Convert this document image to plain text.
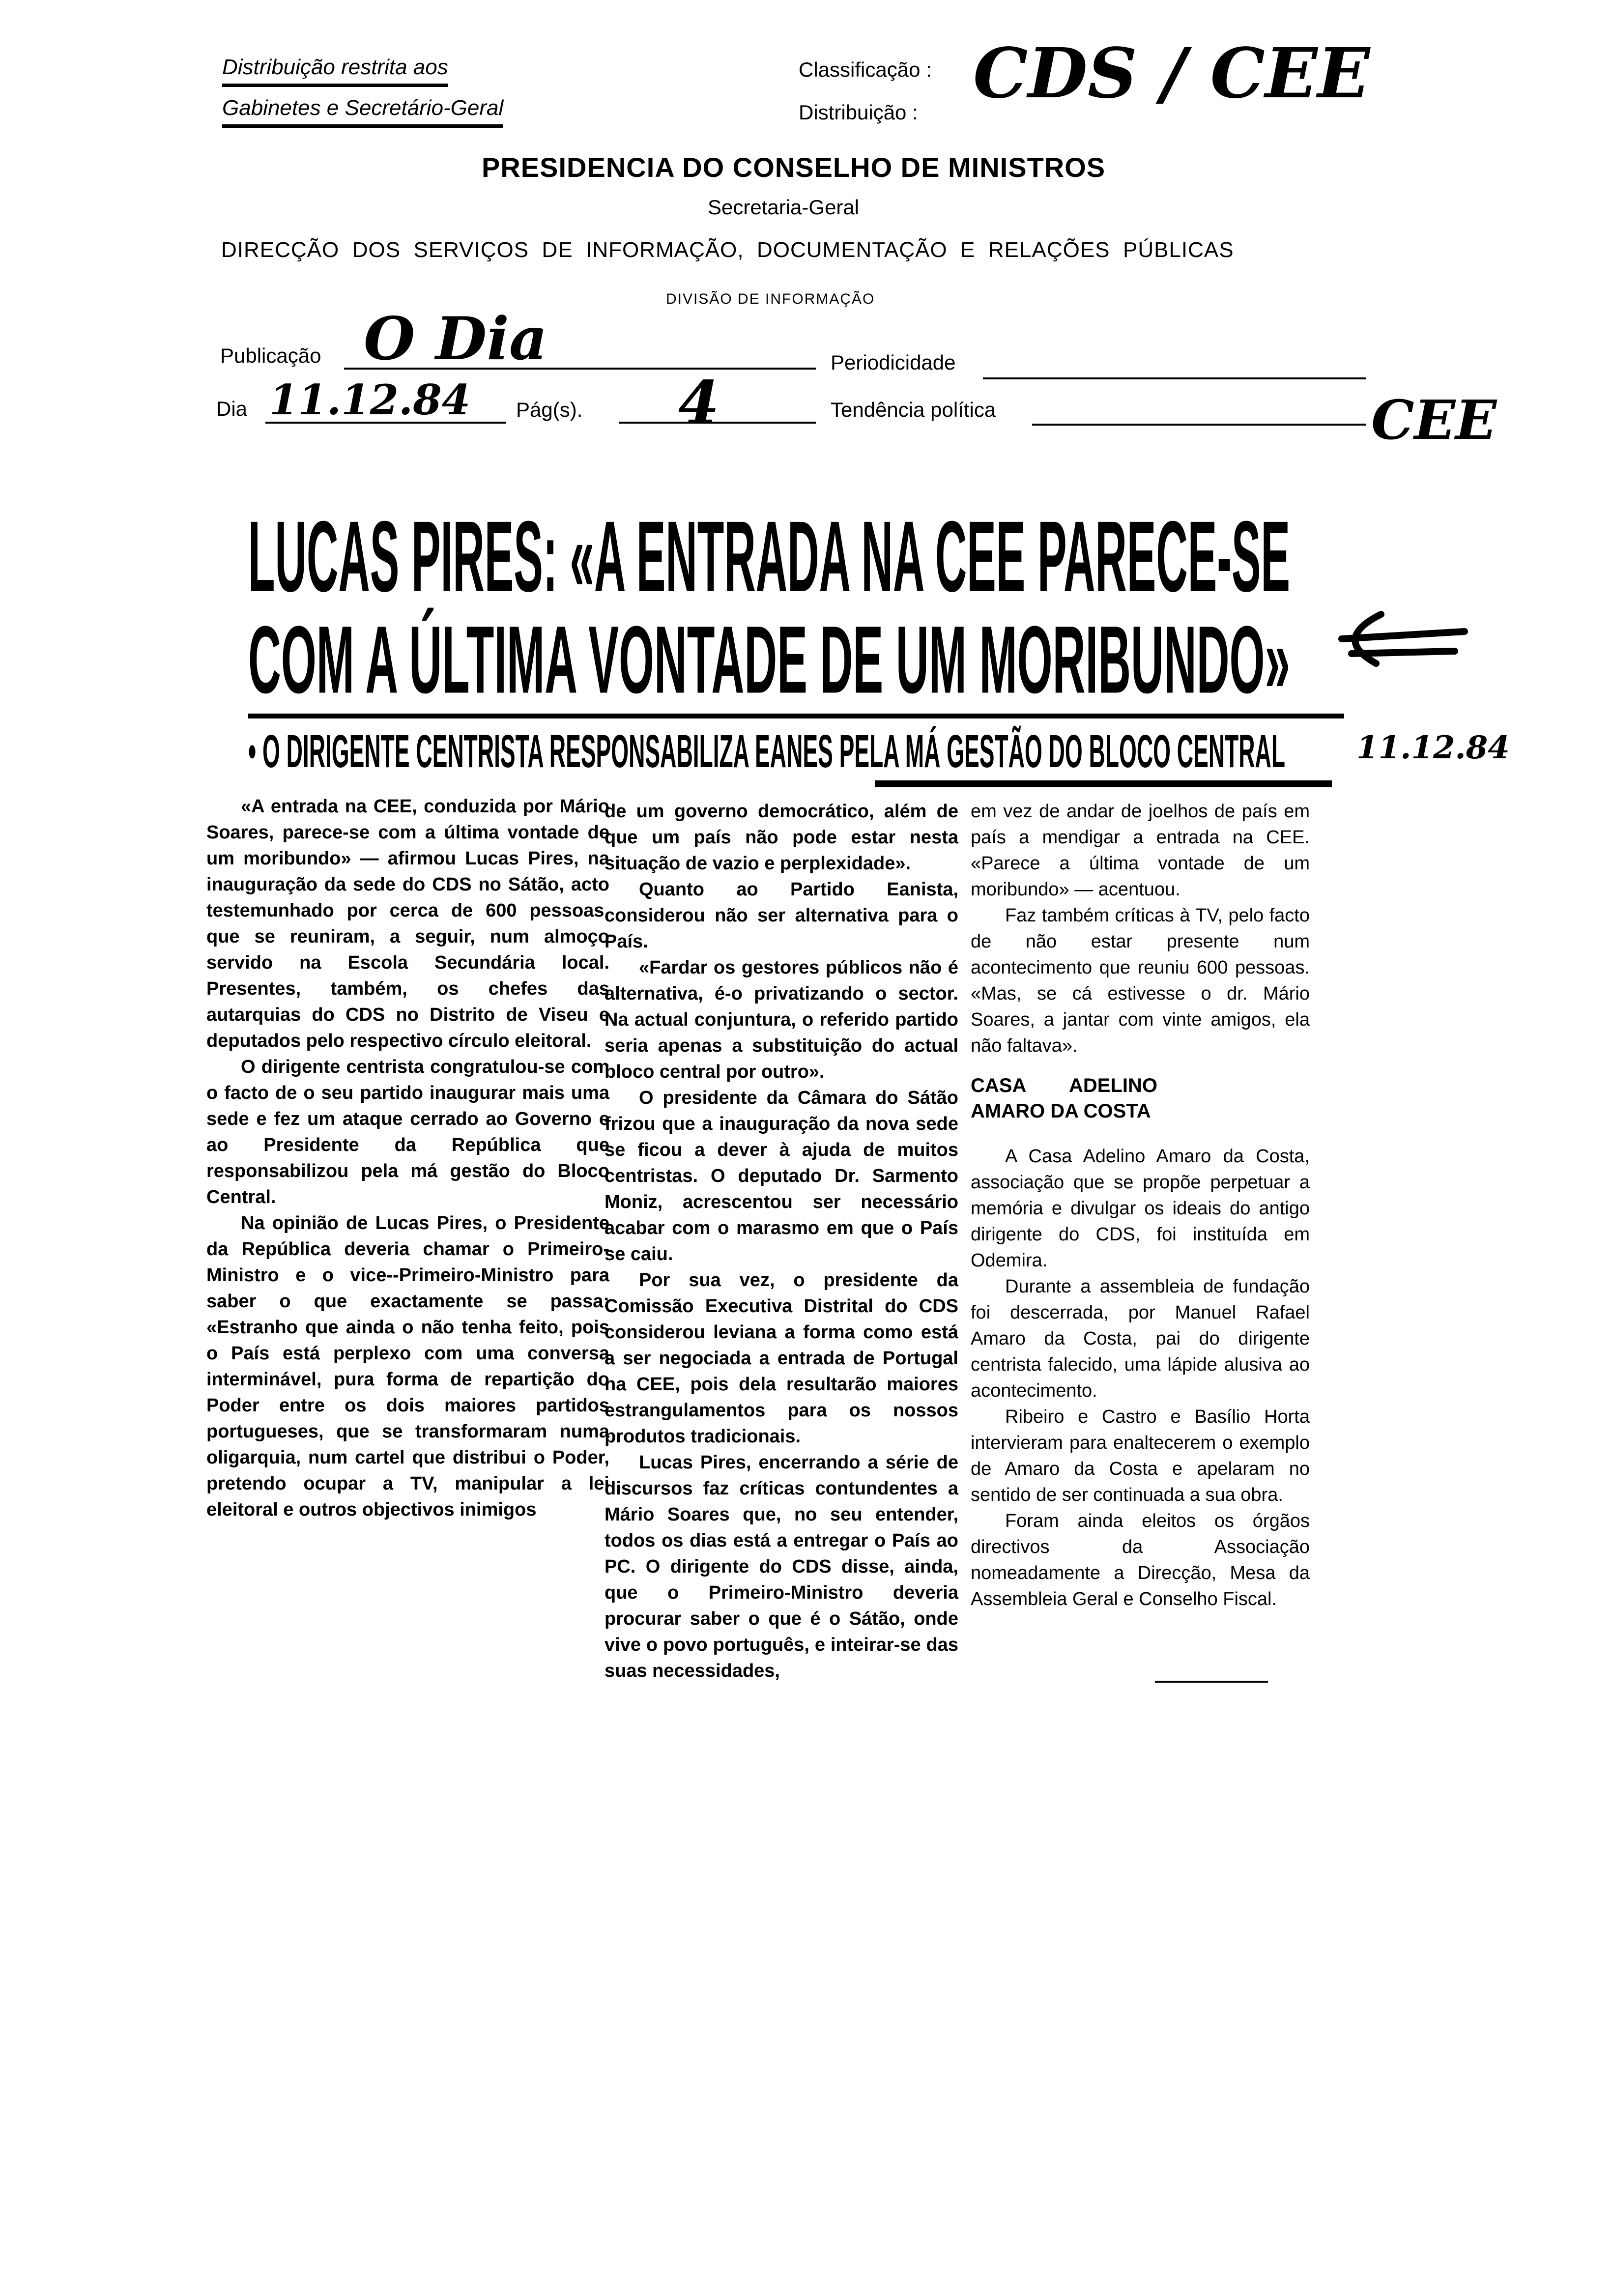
Distribuição restrita aos
Gabinetes e Secretário-Geral
Classificação :
Distribuição : CDS / CEE
PRESIDENCIA DO CONSELHO DE MINISTROS
Secretaria-Geral
DIRECÇÃO  DOS  SERVIÇOS  DE  INFORMAÇÃO,  DOCUMENTAÇÃO  E  RELAÇÕES  PÚBLICAS
DIVISÃO DE INFORMAÇÃO
Publicação O Dia	Periodicidade
Dia 11.12.84 Pág(s). 4	Tendência política	CEE
LUCAS PIRES: «A ENTRADA NA CEE PARECE-SE
COM A ÚLTIMA VONTADE DE UM MORIBUNDO»
• O DIRIGENTE CENTRISTA RESPONSABILIZA EANES PELA MÁ GESTÃO DO BLOCO CENTRAL	11.12.84

«A entrada na CEE, conduzida por Mário Soares, parece-se com a última vontade de um moribundo» — afirmou Lucas Pires, na inauguração da sede do CDS no Sátão, acto testemunhado por cerca de 600 pessoas, que se reuniram, a seguir, num almoço servido na Escola Secundária local. Presentes, também, os chefes das autarquias do CDS no Distrito de Viseu e deputados pelo respectivo círculo eleitoral.

O dirigente centrista congratulou-se com o facto de o seu partido inaugurar mais uma sede e fez um ataque cerrado ao Governo e ao Presidente da República que responsabilizou pela má gestão do Bloco Central.

Na opinião de Lucas Pires, o Presidente da República deveria chamar o Primeiro-Ministro e o vice--Primeiro-Ministro para saber o que exactamente se passa: «Estranho que ainda o não tenha feito, pois o País está perplexo com uma conversa interminável, pura forma de repartição do Poder entre os dois maiores partidos portugueses, que se transformaram numa oligarquia, num cartel que distribui o Poder, pretendo ocupar a TV, manipular a lei eleitoral e outros objectivos inimigos

de um governo democrático, além de que um país não pode estar nesta situação de vazio e perplexidade».

Quanto ao Partido Eanista, considerou não ser alternativa para o País.

«Fardar os gestores públicos não é alternativa, é-o privatizando o sector. Na actual conjuntura, o referido partido seria apenas a substituição do actual bloco central por outro».

O presidente da Câmara do Sátão frizou que a inauguração da nova sede se ficou a dever à ajuda de muitos centristas. O deputado Dr. Sarmento Moniz, acrescentou ser necessário acabar com o marasmo em que o País se caiu.

Por sua vez, o presidente da Comissão Executiva Distrital do CDS considerou leviana a forma como está a ser negociada a entrada de Portugal na CEE, pois dela resultarão maiores estrangulamentos para os nossos produtos tradicionais.

Lucas Pires, encerrando a série de discursos faz críticas contundentes a Mário Soares que, no seu entender, todos os dias está a entregar o País ao PC. O dirigente do CDS disse, ainda, que o Primeiro-Ministro deveria procurar saber o que é o Sátão, onde vive o povo português, e inteirar-se das suas necessidades,

em vez de andar de joelhos de país em país a mendigar a entrada na CEE. «Parece a última vontade de um moribundo» — acentuou.

Faz também críticas à TV, pelo facto de não estar presente num acontecimento que reuniu 600 pessoas. «Mas, se cá estivesse o dr. Mário Soares, a jantar com vinte amigos, ela não faltava».

CASA ADELINO AMARO DA COSTA

A Casa Adelino Amaro da Costa, associação que se propõe perpetuar a memória e divulgar os ideais do antigo dirigente do CDS, foi instituída em Odemira.

Durante a assembleia de fundação foi descerrada, por Manuel Rafael Amaro da Costa, pai do dirigente centrista falecido, uma lápide alusiva ao acontecimento.

Ribeiro e Castro e Basílio Horta intervieram para enaltecerem o exemplo de Amaro da Costa e apelaram no sentido de ser continuada a sua obra.

Foram ainda eleitos os órgãos directivos da Associação nomeadamente a Direcção, Mesa da Assembleia Geral e Conselho Fiscal.
